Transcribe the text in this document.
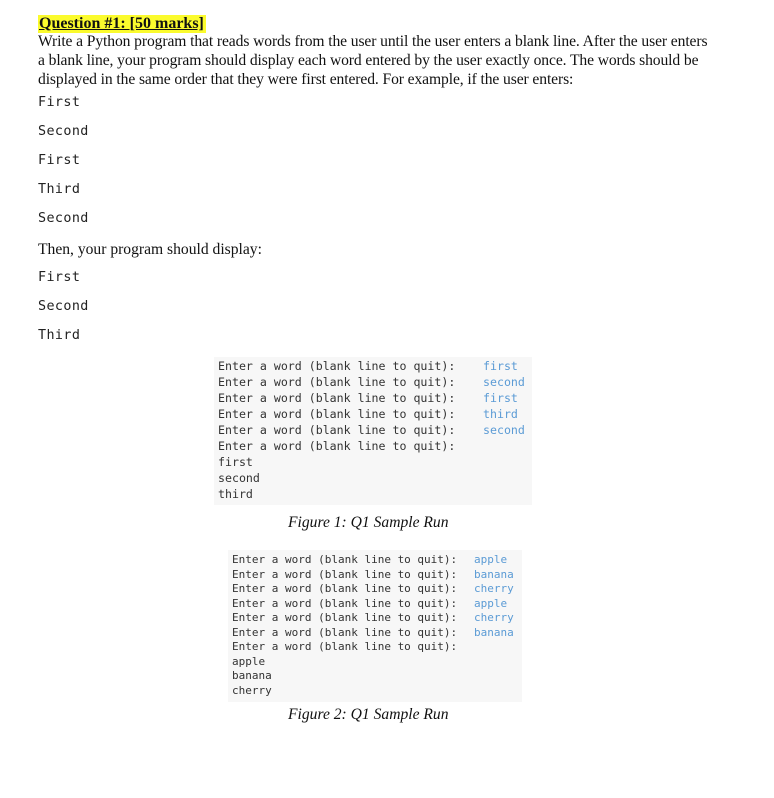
Question #1: [50 marks]
Write a Python program that reads words from the user until the user enters a blank line. After the user enters
a blank line, your program should display each word entered by the user exactly once. The words should be
displayed in the same order that they were first entered. For example, if the user enters:
First
Second
First
Third
Second
Then, your program should display:
First
Second
Third
Enter a word (blank line to quit): first
Enter a word (blank line to quit): second
Enter a word (blank line to quit): first
Enter a word (blank line to quit): third
Enter a word (blank line to quit): second
Enter a word (blank line to quit):
first
second
third
Figure 1: Q1 Sample Run
Enter a word (blank line to quit): apple
Enter a word (blank line to quit): banana
Enter a word (blank line to quit): cherry
Enter a word (blank line to quit): apple
Enter a word (blank line to quit): cherry
Enter a word (blank line to quit): banana
Enter a word (blank line to quit):
apple
banana
cherry
Figure 2: Q1 Sample Run
